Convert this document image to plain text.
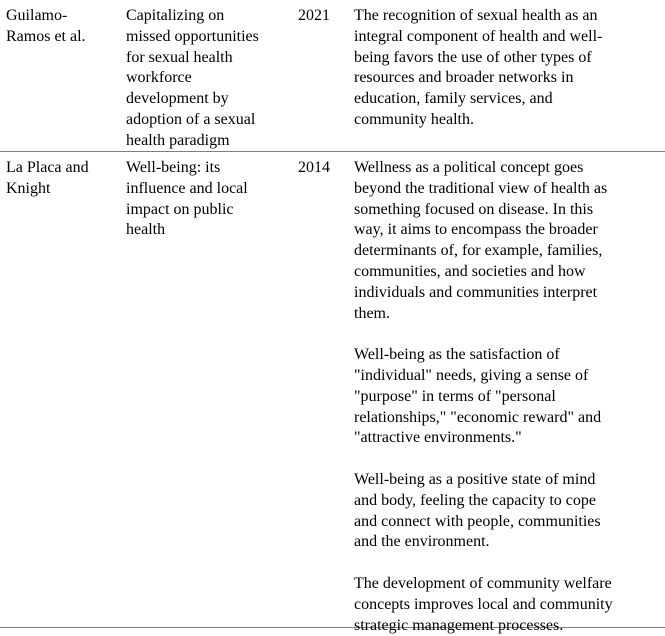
Guilamo-
Ramos et al.
Capitalizing on
missed opportunities
for sexual health
workforce
development by
adoption of a sexual
health paradigm
2021	The recognition of sexual health as an
integral component of health and well-
being favors the use of other types of
resources and broader networks in
education, family services, and
community health.
La Placa and
Knight
Well-being: its
influence and local
impact on public
health
2014	Wellness as a political concept goes
beyond the traditional view of health as
something focused on disease. In this
way, it aims to encompass the broader
determinants of, for example, families,
communities, and societies and how
individuals and communities interpret
them.
Well-being as the satisfaction of
"individual" needs, giving a sense of
"purpose" in terms of "personal
relationships," "economic reward" and
"attractive environments."
Well-being as a positive state of mind
and body, feeling the capacity to cope
and connect with people, communities
and the environment.
The development of community welfare
concepts improves local and community
strategic management processes.
